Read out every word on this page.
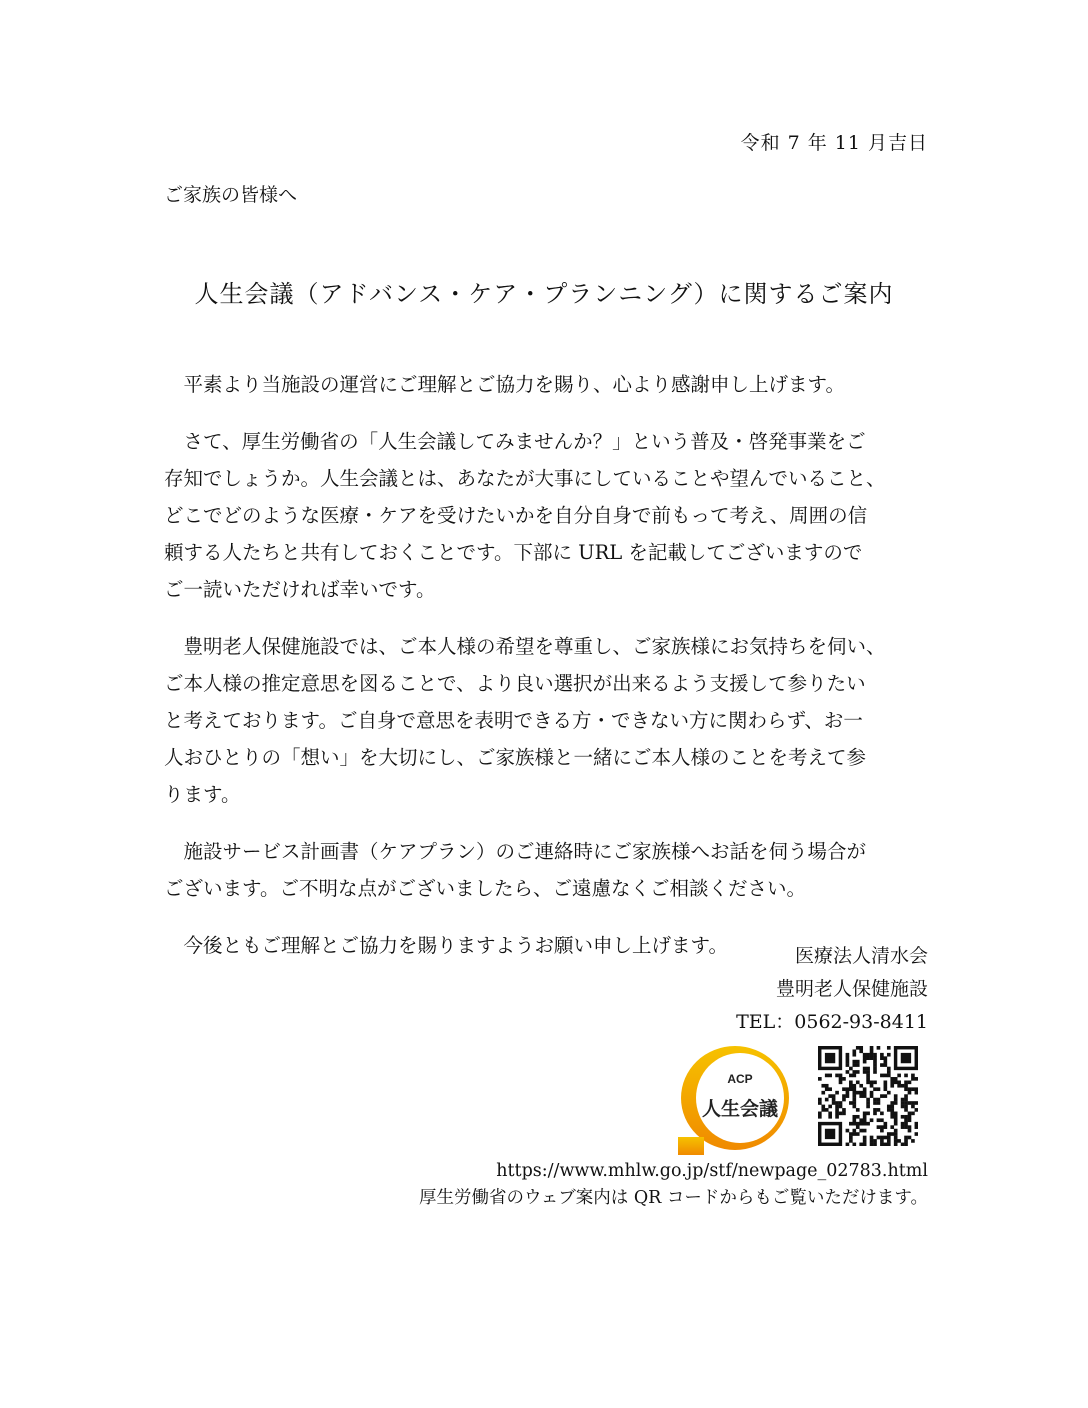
令和 7 年 11 月吉日
ご家族の皆様へ
人生会議（アドバンス・ケア・プランニング）に関するご案内
　平素より当施設の運営にご理解とご協力を賜り、心より感謝申し上げます。
　さて、厚生労働省の「人生会議してみませんか？」という普及・啓発事業をご
存知でしょうか。人生会議とは、あなたが大事にしていることや望んでいること、
どこでどのような医療・ケアを受けたいかを自分自身で前もって考え、周囲の信
頼する人たちと共有しておくことです。下部に URL を記載してございますので
ご一読いただければ幸いです。
　豊明老人保健施設では、ご本人様の希望を尊重し、ご家族様にお気持ちを伺い、
ご本人様の推定意思を図ることで、より良い選択が出来るよう支援して参りたい
と考えております。ご自身で意思を表明できる方・できない方に関わらず、お一
人おひとりの「想い」を大切にし、ご家族様と一緒にご本人様のことを考えて参
ります。
　施設サービス計画書（ケアプラン）のご連絡時にご家族様へお話を伺う場合が
ございます。ご不明な点がございましたら、ご遠慮なくご相談ください。
　今後ともご理解とご協力を賜りますようお願い申し上げます。	医療法人清水会
豊明老人保健施設
TEL：0562-93-8411
ACP
人生会議
https://www.mhlw.go.jp/stf/newpage_02783.html
厚生労働省のウェブ案内は QR コードからもご覧いただけます。
